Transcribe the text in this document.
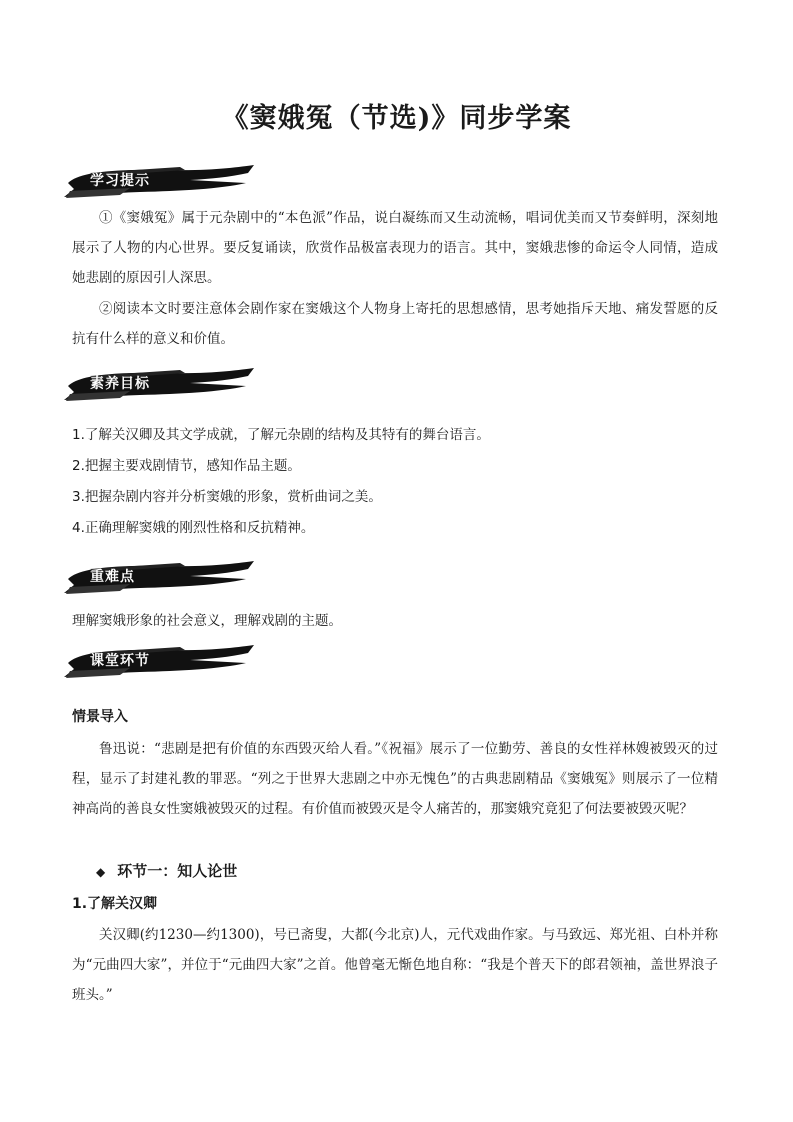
《窦娥冤（节选)》同步学案
学习提示
①《窦娥冤》属于元杂剧中的“本色派”作品，说白凝练而又生动流畅，唱词优美而又节奏鲜明，深刻地展示了人物的内心世界。要反复诵读，欣赏作品极富表现力的语言。其中，窦娥悲惨的命运令人同情，造成她悲剧的原因引人深思。
②阅读本文时要注意体会剧作家在窦娥这个人物身上寄托的思想感情，思考她指斥天地、痛发誓愿的反抗有什么样的意义和价值。
素养目标
1.了解关汉卿及其文学成就，了解元杂剧的结构及其特有的舞台语言。
2.把握主要戏剧情节，感知作品主题。
3.把握杂剧内容并分析窦娥的形象，赏析曲词之美。
4.正确理解窦娥的刚烈性格和反抗精神。
重难点
理解窦娥形象的社会意义，理解戏剧的主题。
课堂环节
情景导入
鲁迅说：“悲剧是把有价值的东西毁灭给人看。”《祝福》展示了一位勤劳、善良的女性祥林嫂被毁灭的过程，显示了封建礼教的罪恶。“列之于世界大悲剧之中亦无愧色”的古典悲剧精品《窦娥冤》则展示了一位精神高尚的善良女性窦娥被毁灭的过程。有价值而被毁灭是令人痛苦的，那窦娥究竟犯了何法要被毁灭呢？
◆ 环节一：知人论世
1.了解关汉卿
关汉卿(约1230—约1300)，号已斋叟，大都(今北京)人，元代戏曲作家。与马致远、郑光祖、白朴并称为“元曲四大家”，并位于“元曲四大家”之首。他曾毫无惭色地自称：“我是个普天下的郎君领袖，盖世界浪子班头。”
